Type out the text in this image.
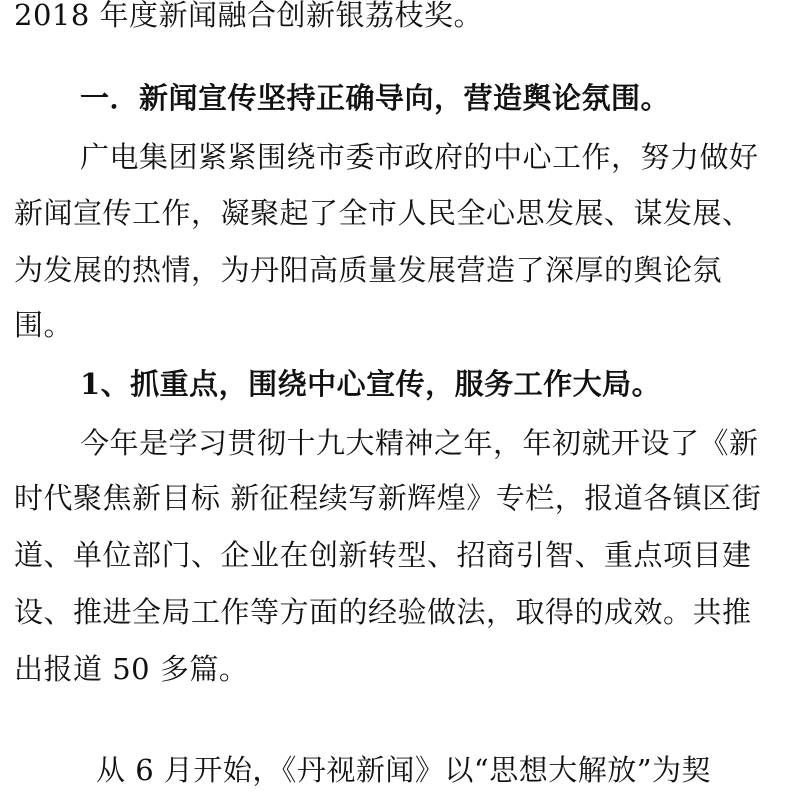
2018 年度新闻融合创新银荔枝奖。
一．新闻宣传坚持正确导向，营造舆论氛围。
广电集团紧紧围绕市委市政府的中心工作，努力做好
新闻宣传工作，凝聚起了全市人民全心思发展、谋发展、
为发展的热情，为丹阳高质量发展营造了深厚的舆论氛
围。
1、抓重点，围绕中心宣传，服务工作大局。
今年是学习贯彻十九大精神之年，年初就开设了《新
时代聚焦新目标 新征程续写新辉煌》专栏，报道各镇区街
道、单位部门、企业在创新转型、招商引智、重点项目建
设、推进全局工作等方面的经验做法，取得的成效。共推
出报道 50 多篇。
从 6 月开始，《丹视新闻》以“思想大解放”为契
